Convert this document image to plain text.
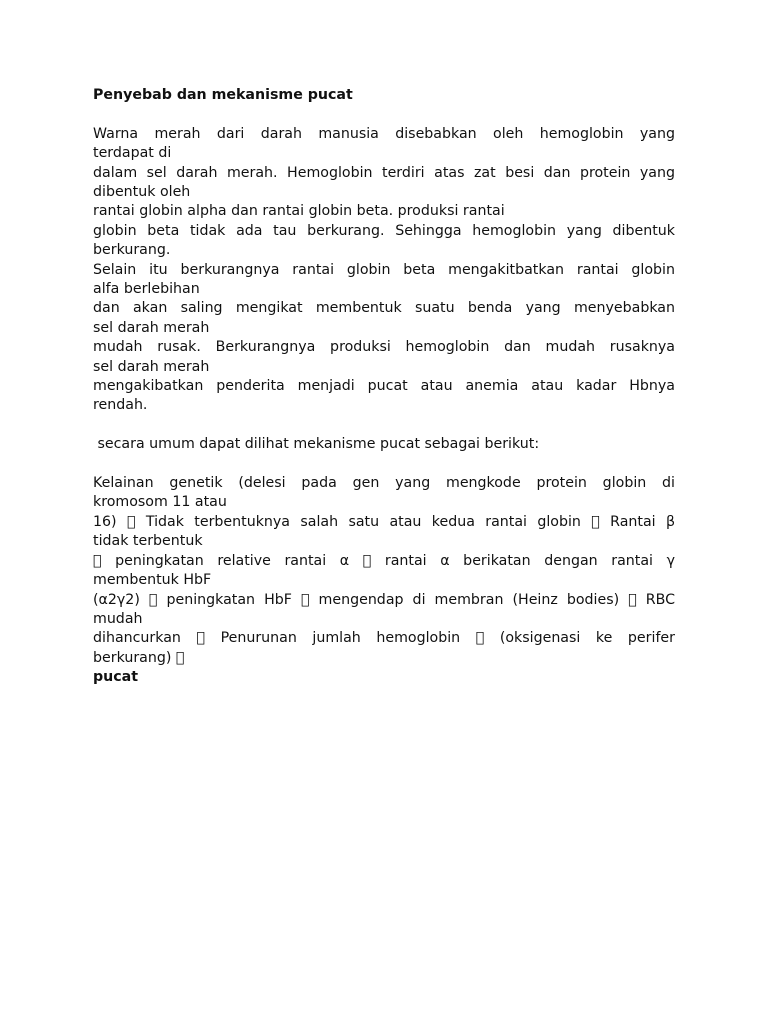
Penyebab dan mekanisme pucat

Warna merah dari darah manusia disebabkan oleh hemoglobin yang

terdapat di

dalam sel darah merah. Hemoglobin terdiri atas zat besi dan protein yang

dibentuk oleh

rantai globin alpha dan rantai globin beta. produksi rantai

globin beta tidak ada tau berkurang. Sehingga hemoglobin yang dibentuk

berkurang.

Selain itu berkurangnya rantai globin beta mengakitbatkan rantai globin

alfa berlebihan

dan akan saling mengikat membentuk suatu benda yang menyebabkan

sel darah merah

mudah rusak. Berkurangnya produksi hemoglobin dan mudah rusaknya

sel darah merah

mengakibatkan penderita menjadi pucat atau anemia atau kadar Hbnya

rendah.

secara umum dapat dilihat mekanisme pucat sebagai berikut:

Kelainan genetik (delesi pada gen yang mengkode protein globin di

kromosom 11 atau

16) Tidak terbentuknya salah satu atau kedua rantai globin Rantai β

tidak terbentuk

peningkatan relative rantai α rantai α berikatan dengan rantai γ

membentuk HbF

(α2γ2) peningkatan HbF mengendap di membran (Heinz bodies) RBC

mudah

dihancurkan Penurunan jumlah hemoglobin (oksigenasi ke perifer

berkurang)

pucat
